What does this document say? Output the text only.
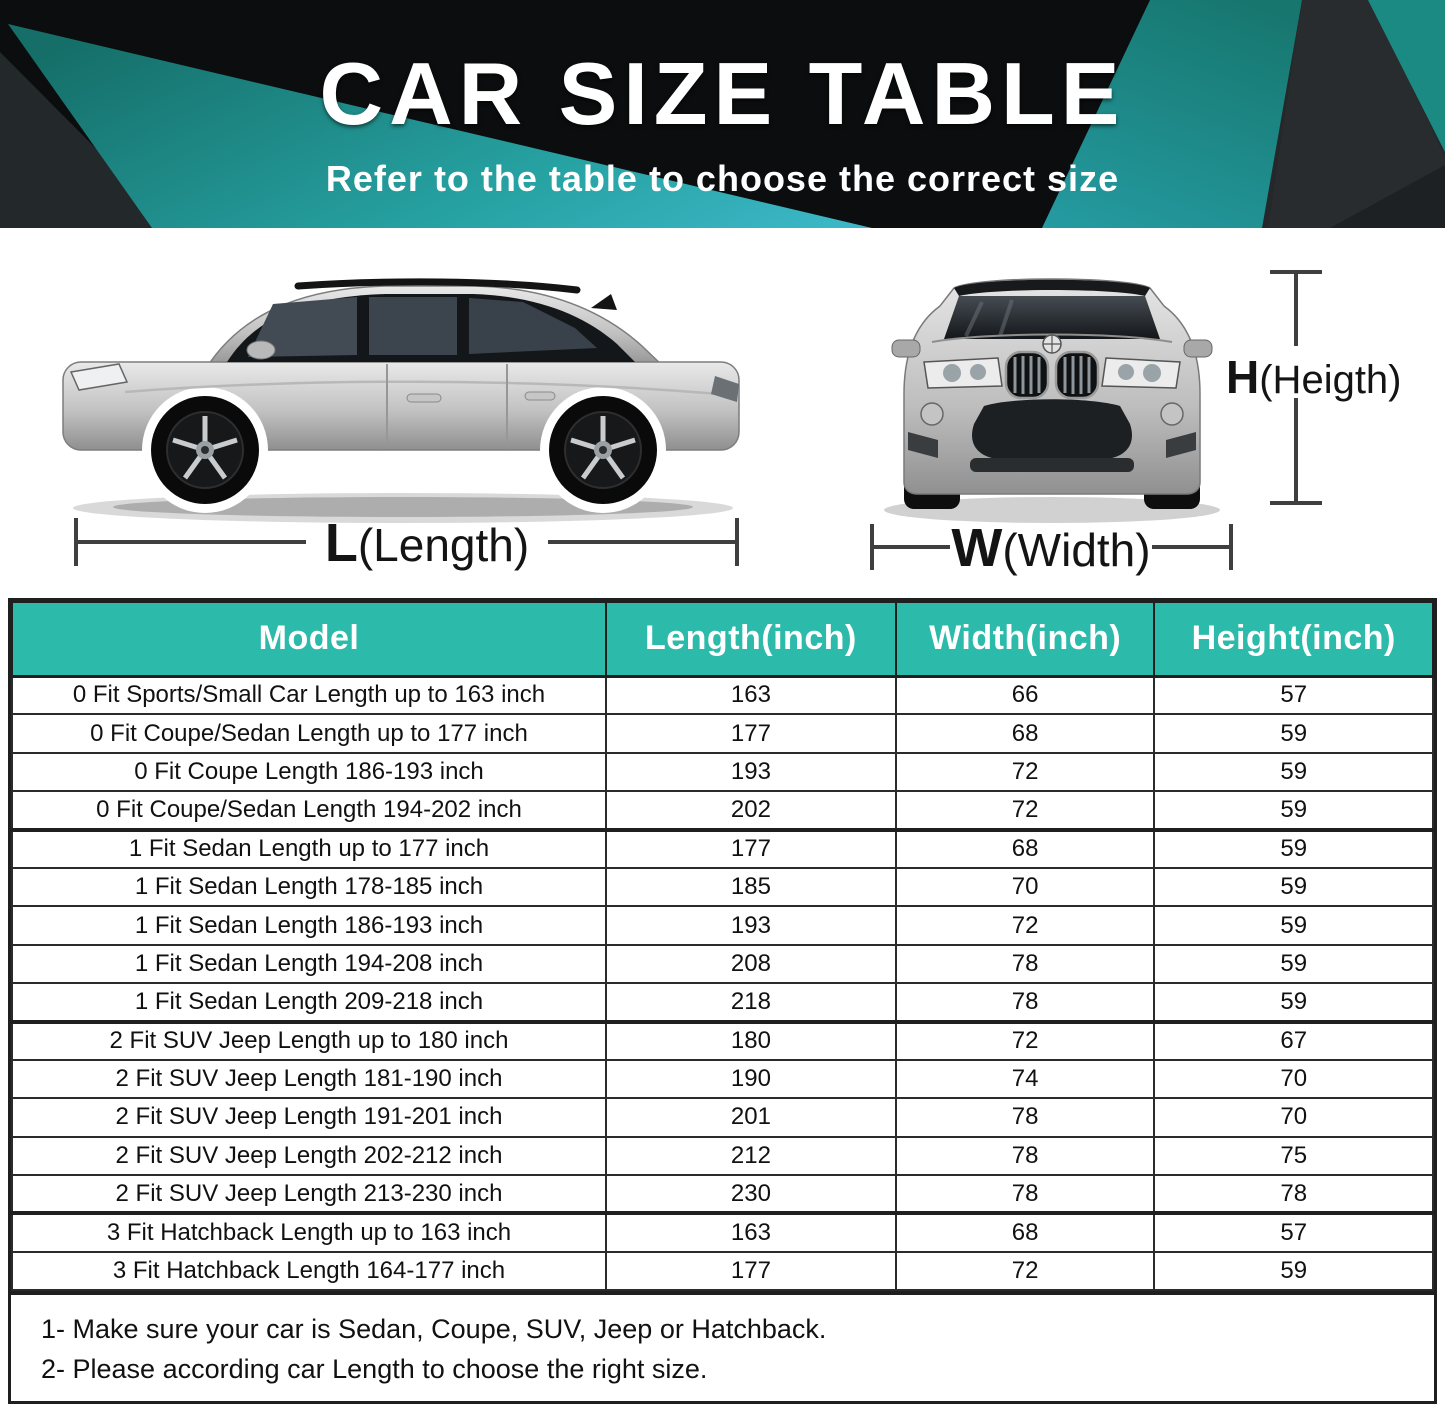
CAR SIZE TABLE
Refer to the table to choose the correct size
L(Length)	W(Width)
H(Heigth)
Model	Length(inch)	Width(inch)	Height(inch)
0 Fit Sports/Small Car Length up to 163 inch	163	66	57
0 Fit Coupe/Sedan Length up to 177 inch	177	68	59
0 Fit Coupe Length 186-193 inch	193	72	59
0 Fit Coupe/Sedan Length 194-202 inch	202	72	59
1 Fit Sedan Length up to 177 inch	177	68	59
1 Fit Sedan Length 178-185 inch	185	70	59
1 Fit Sedan Length 186-193 inch	193	72	59
1 Fit Sedan Length 194-208 inch	208	78	59
1 Fit Sedan Length 209-218 inch	218	78	59
2 Fit SUV Jeep Length up to 180 inch	180	72	67
2 Fit SUV Jeep Length 181-190 inch	190	74	70
2 Fit SUV Jeep Length 191-201 inch	201	78	70
2 Fit SUV Jeep Length 202-212 inch	212	78	75
2 Fit SUV Jeep Length 213-230 inch	230	78	78
3 Fit Hatchback Length up to 163 inch	163	68	57
3 Fit Hatchback Length 164-177 inch	177	72	59

1- Make sure your car is Sedan, Coupe, SUV, Jeep or Hatchback.

2- Please according car Length to choose the right size.
